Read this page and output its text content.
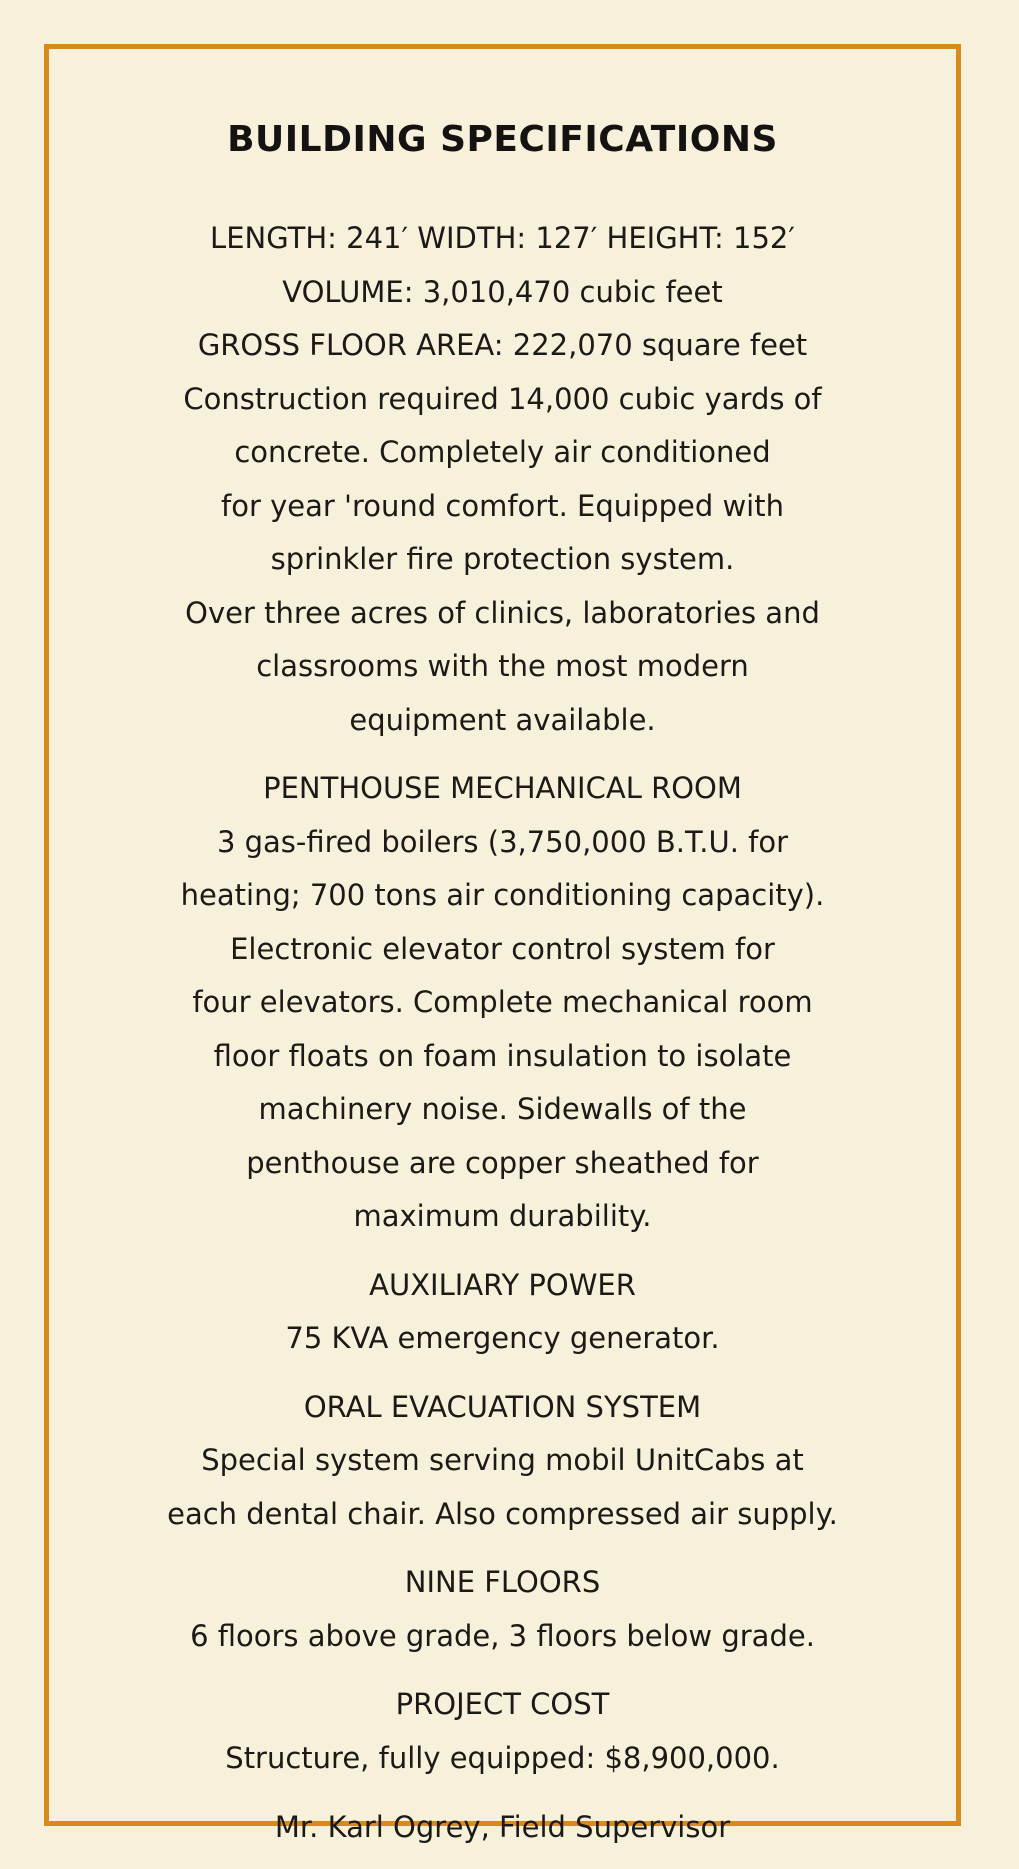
BUILDING SPECIFICATIONS

LENGTH: 241′ WIDTH: 127′ HEIGHT: 152′

VOLUME: 3,010,470 cubic feet

GROSS FLOOR AREA: 222,070 square feet

Construction required 14,000 cubic yards of

concrete. Completely air conditioned

for year 'round comfort. Equipped with

sprinkler fire protection system.

Over three acres of clinics, laboratories and

classrooms with the most modern

equipment available.

PENTHOUSE MECHANICAL ROOM

3 gas-fired boilers (3,750,000 B.T.U. for

heating; 700 tons air conditioning capacity).

Electronic elevator control system for

four elevators. Complete mechanical room

floor floats on foam insulation to isolate

machinery noise. Sidewalls of the

penthouse are copper sheathed for

maximum durability.

AUXILIARY POWER

75 KVA emergency generator.

ORAL EVACUATION SYSTEM

Special system serving mobil UnitCabs at

each dental chair. Also compressed air supply.

NINE FLOORS

6 floors above grade, 3 floors below grade.

PROJECT COST

Structure, fully equipped: $8,900,000.

Mr. Karl Ogrey, Field Supervisor
